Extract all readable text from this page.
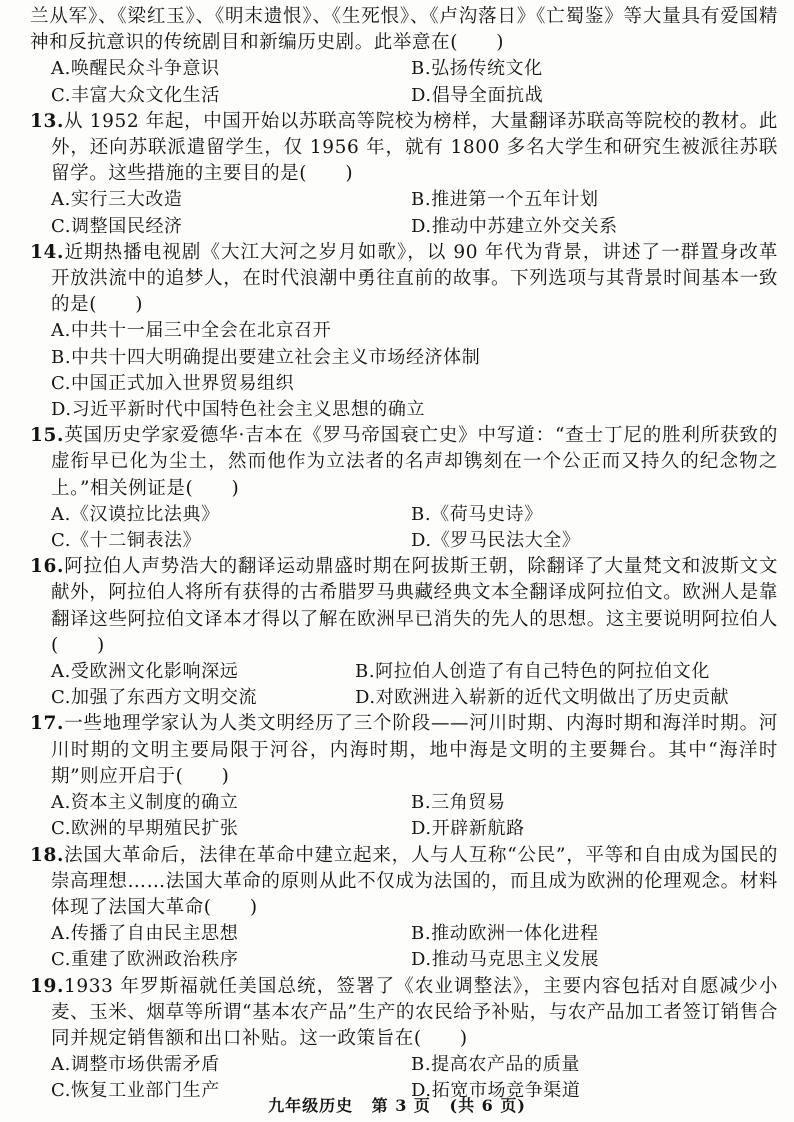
兰从军》、《梁红玉》、《明末遗恨》、《生死恨》、《卢沟落日》《亡蜀鉴》等大量具有爱国精神和反抗意识的传统剧目和新编历史剧。此举意在(　　)

A.唤醒民众斗争意识	B.弘扬传统文化
C.丰富大众文化生活	D.倡导全面抗战

13.从 1952 年起，中国开始以苏联高等院校为榜样，大量翻译苏联高等院校的教材。此外，还向苏联派遣留学生，仅 1956 年，就有 1800 多名大学生和研究生被派往苏联留学。这些措施的主要目的是(　　)

A.实行三大改造	B.推进第一个五年计划
C.调整国民经济	D.推动中苏建立外交关系

14.近期热播电视剧《大江大河之岁月如歌》，以 90 年代为背景，讲述了一群置身改革开放洪流中的追梦人，在时代浪潮中勇往直前的故事。下列选项与其背景时间基本一致的是(　　)

A.中共十一届三中全会在北京召开
B.中共十四大明确提出要建立社会主义市场经济体制
C.中国正式加入世界贸易组织
D.习近平新时代中国特色社会主义思想的确立

15.英国历史学家爱德华·吉本在《罗马帝国衰亡史》中写道：“查士丁尼的胜利所获致的虚衔早已化为尘土，然而他作为立法者的名声却镌刻在一个公正而又持久的纪念物之上。”相关例证是(　　)

A.《汉谟拉比法典》	B.《荷马史诗》
C.《十二铜表法》	D.《罗马民法大全》

16.阿拉伯人声势浩大的翻译运动鼎盛时期在阿拔斯王朝，除翻译了大量梵文和波斯文文献外，阿拉伯人将所有获得的古希腊罗马典藏经典文本全翻译成阿拉伯文。欧洲人是靠翻译这些阿拉伯文译本才得以了解在欧洲早已消失的先人的思想。这主要说明阿拉伯人(　　)

A.受欧洲文化影响深远	B.阿拉伯人创造了有自己特色的阿拉伯文化
C.加强了东西方文明交流	D.对欧洲进入崭新的近代文明做出了历史贡献

17.一些地理学家认为人类文明经历了三个阶段——河川时期、内海时期和海洋时期。河川时期的文明主要局限于河谷，内海时期，地中海是文明的主要舞台。其中“海洋时期”则应开启于(　　)

A.资本主义制度的确立	B.三角贸易
C.欧洲的早期殖民扩张	D.开辟新航路

18.法国大革命后，法律在革命中建立起来，人与人互称“公民”，平等和自由成为国民的崇高理想……法国大革命的原则从此不仅成为法国的，而且成为欧洲的伦理观念。材料体现了法国大革命(　　)

A.传播了自由民主思想	B.推动欧洲一体化进程
C.重建了欧洲政治秩序	D.推动马克思主义发展

19.1933 年罗斯福就任美国总统，签署了《农业调整法》，主要内容包括对自愿减少小麦、玉米、烟草等所谓“基本农产品”生产的农民给予补贴，与农产品加工者签订销售合同并规定销售额和出口补贴。这一政策旨在(　　)

A.调整市场供需矛盾	B.提高农产品的质量
C.恢复工业部门生产	D.拓宽市场竞争渠道
九年级历史 第 3 页 (共 6 页)
